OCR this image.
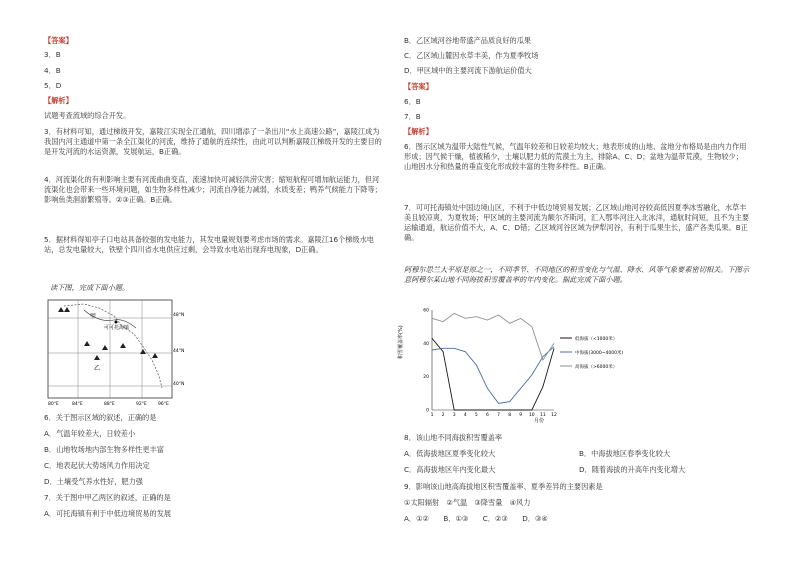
【答案】
3．B
4．B
5．D
【解析】
试题考查流域的综合开发。
3．有材料可知，通过梯级开发，嘉陵江实现全江通航，四川增添了一条出川“水上高速公路”，嘉陵江成为我国内河主通道中第一条全江渠化的河流，维持了通航的连续性，由此可以判断嘉陵江梯级开发的主要目的是开发河流的水运资源，发展航运，B正确。
4．河流渠化的有利影响主要有河流曲曲变直，流速加快可减轻洪涝灾害；缩短航程可增加航运能力，但河流渠化也会带来一些环境问题，如生物多样性减少；河流自净能力减弱，水质变差；鸭养气候能力下降等；影响鱼类洄游繁殖等。②③正确。B正确。
5．据材料得知亭子口电站具备较强的发电能力，其发电量规划要考虑市场的需求。嘉陵江16个梯级水电站，总发电量较大，铁壁个四川省水电供应过剩，会导致水电站出现弃电现象，D正确。
读下图，完成下面小题。
可可托海镇
甲
乙
48°N
44°N
40°N
80°E	84°E	88°E	92°E 96°E
6．关于图示区域的叙述，正确的是
A．气温年较差大，日较差小
B．山地牧场地内部生物多样性更丰富
C．地表起伏大势场风力作用决定
D．土壤受气养水性好，肥力强
7．关于图中甲乙两区的叙述，正确的是
A．可托海镇有利于中低边境贸易的发展
B．乙区域河谷地带盛产品质良好的瓜果
C．乙区域山麓因水草丰美，作为夏季牧场
D．甲区域中的主要河流下游航运价值大
【答案】
6．B
7．B
【解析】
6．图示区域为温带大陆性气候，气温年较差和日较差均较大；地表形成的山地、盆地分布格局是由内力作用形成；因气候干燥，植被稀少，土壤以肥力低的荒漠土为主，排除A、C、D；盆地为温带荒漠，生物较少；山地因水分和热量的垂直变化形成较丰富的生物多样性。B正确。
7．可可托海镇处中国边境山区，不利于中低边境贸易发展；乙区域山地河谷较高低因夏季冰雪融化，水草丰美且较凉爽，为夏牧场；甲区域的主要河流为额尔齐斯河，汇入鄂毕河注入北冰洋，通航时间短，且不为主要运输通道，航运价值不大，A、C、D错；乙区域河谷区域为伊犁河谷，有利于瓜果生长，盛产各类瓜果。B正确。
阿穆尔思兰大平原是原之一，不同季节、不同地区的积雪变化与气温、降水、风等气象要素密切相关。下图示意阿穆尔某山地不同海拔积雪覆盖率的年内变化。据此完成下面小题。
积雪覆盖率(%)
月份
0
20
40
60
1 2 3 4 5 6 7 8 9 10 11 12
低海拔（<1000米）
中海拔(3000~4000米)
高海拔（>6000米）
8．该山地不同海拔积雪覆盖率
A．低海拔地区夏季变化较大	B．中海拔地区春季变化较大
C．高海拔地区年内变化最大	D．随着海拔的升高年内变化增大
9．影响该山地高海拔地区积雪覆盖率、夏季差异的主要因素是
①太阳辐射　②气温　③降雪量　④风力
A．①②　　B．①③　　C．②③　　D．③④
